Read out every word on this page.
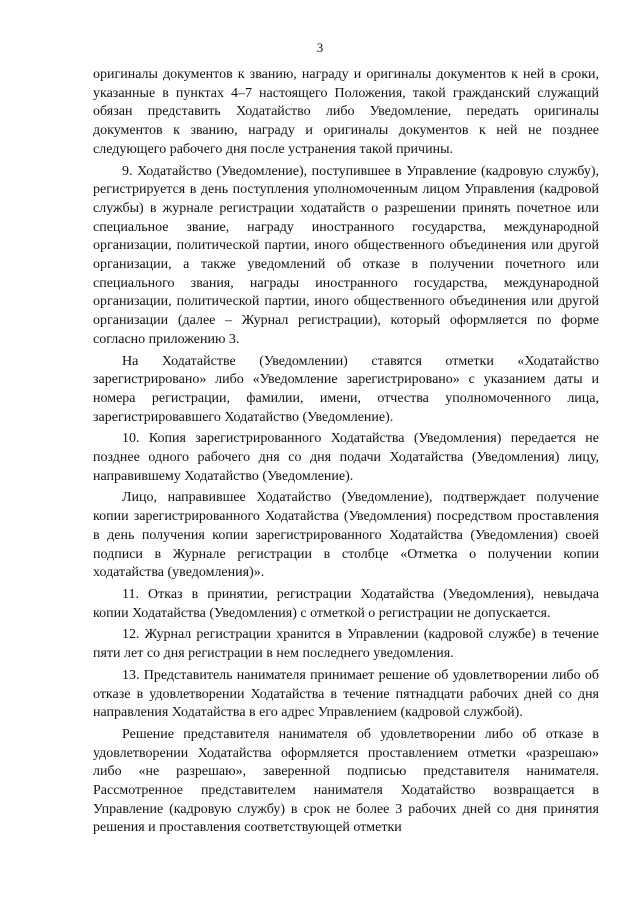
3

оригиналы документов к званию, награду и оригиналы документов к ней в сроки, указанные в пунктах 4–7 настоящего Положения, такой гражданский служащий обязан представить Ходатайство либо Уведомление, передать оригиналы документов к званию, награду и оригиналы документов к ней не позднее следующего рабочего дня после устранения такой причины.

9. Ходатайство (Уведомление), поступившее в Управление (кадровую службу), регистрируется в день поступления уполномоченным лицом Управления (кадровой службы) в журнале регистрации ходатайств о разрешении принять почетное или специальное звание, награду иностранного государства, международной организации, политической партии, иного общественного объединения или другой организации, а также уведомлений об отказе в получении почетного или специального звания, награды иностранного государства, международной организации, политической партии, иного общественного объединения или другой организации (далее – Журнал регистрации), который оформляется по форме согласно приложению 3.

На Ходатайстве (Уведомлении) ставятся отметки «Ходатайство зарегистрировано» либо «Уведомление зарегистрировано» с указанием даты и номера регистрации, фамилии, имени, отчества уполномоченного лица, зарегистрировавшего Ходатайство (Уведомление).

10. Копия зарегистрированного Ходатайства (Уведомления) передается не позднее одного рабочего дня со дня подачи Ходатайства (Уведомления) лицу, направившему Ходатайство (Уведомление).

Лицо, направившее Ходатайство (Уведомление), подтверждает получение копии зарегистрированного Ходатайства (Уведомления) посредством проставления в день получения копии зарегистрированного Ходатайства (Уведомления) своей подписи в Журнале регистрации в столбце «Отметка о получении копии ходатайства (уведомления)».

11. Отказ в принятии, регистрации Ходатайства (Уведомления), невыдача копии Ходатайства (Уведомления) с отметкой о регистрации не допускается.

12. Журнал регистрации хранится в Управлении (кадровой службе) в течение пяти лет со дня регистрации в нем последнего уведомления.

13. Представитель нанимателя принимает решение об удовлетворении либо об отказе в удовлетворении Ходатайства в течение пятнадцати рабочих дней со дня направления Ходатайства в его адрес Управлением (кадровой службой).

Решение представителя нанимателя об удовлетворении либо об отказе в удовлетворении Ходатайства оформляется проставлением отметки «разрешаю» либо «не разрешаю», заверенной подписью представителя нанимателя. Рассмотренное представителем нанимателя Ходатайство возвращается в Управление (кадровую службу) в срок не более 3 рабочих дней со дня принятия решения и проставления соответствующей отметки
